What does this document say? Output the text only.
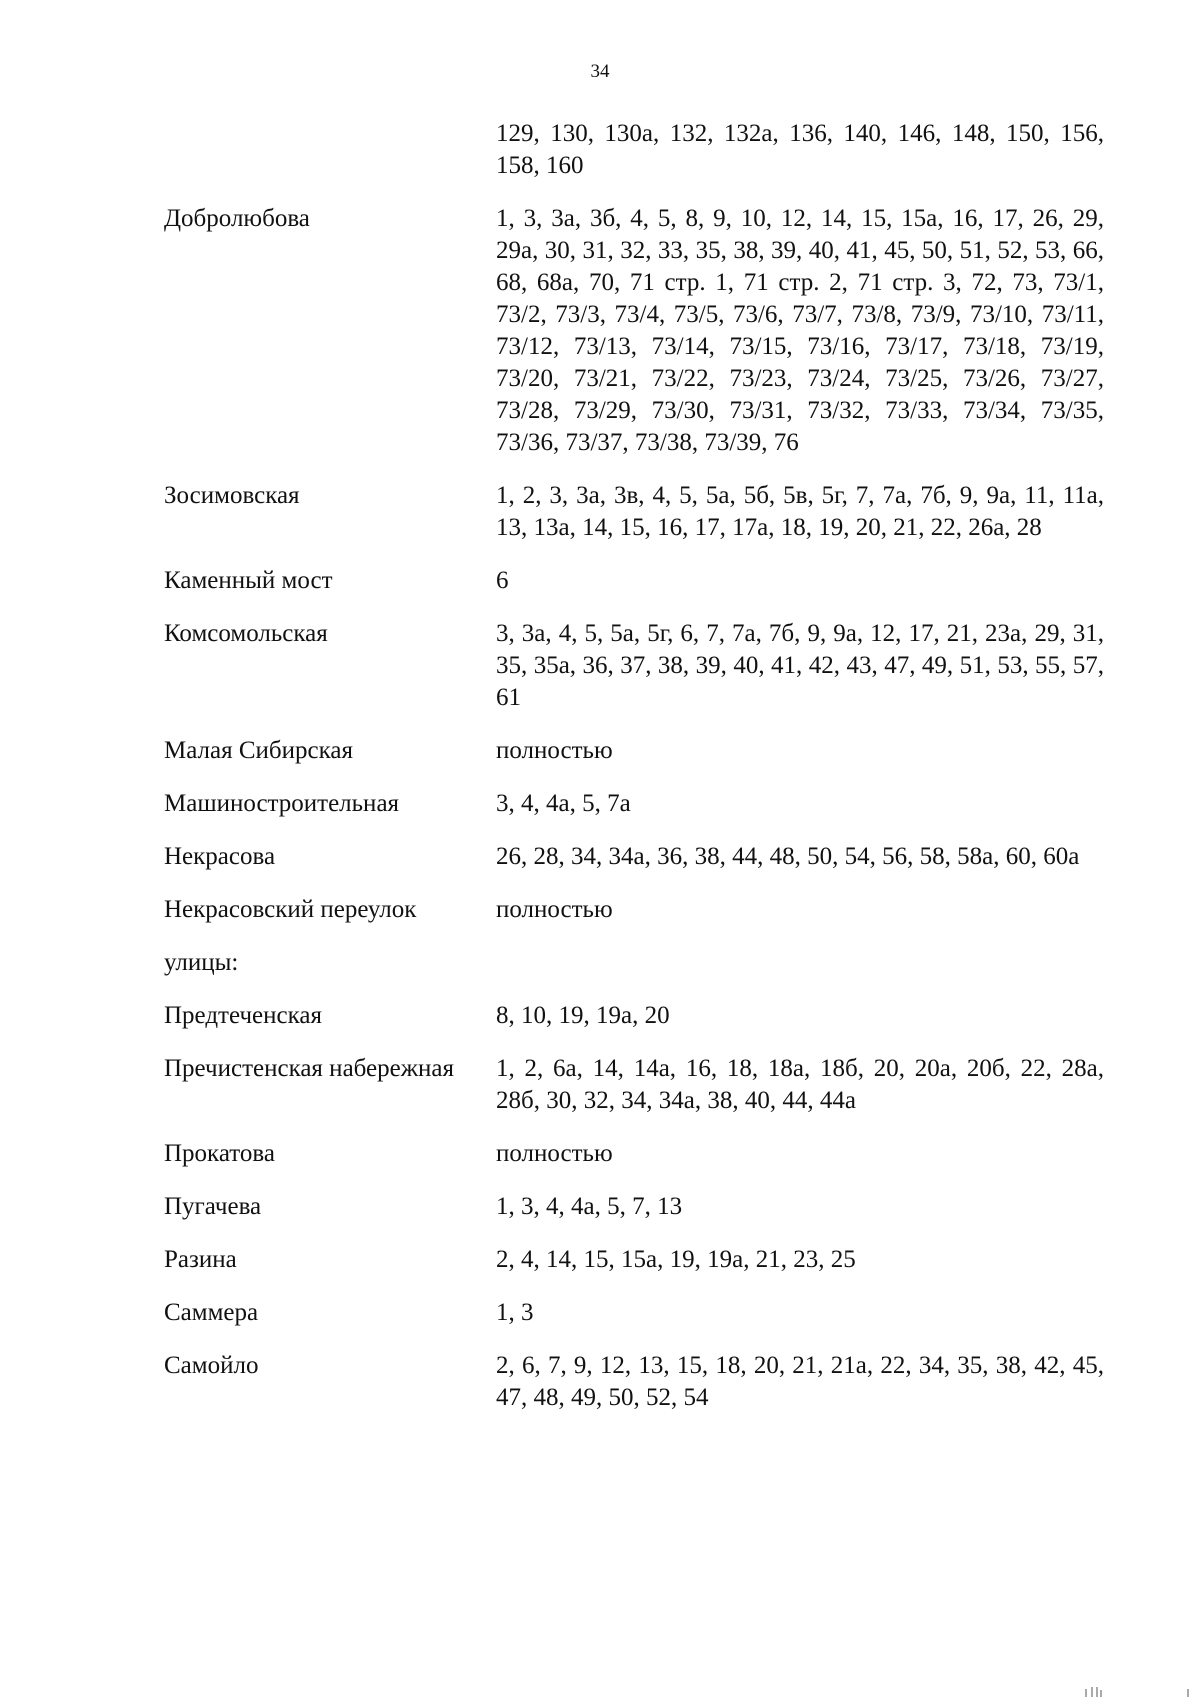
34
129, 130, 130а, 132, 132а, 136, 140, 146, 148, 150, 156, 158, 160
Добролюбова	1, 3, 3а, 3б, 4, 5, 8, 9, 10, 12, 14, 15, 15а, 16, 17, 26, 29, 29а, 30, 31, 32, 33, 35, 38, 39, 40, 41, 45, 50, 51, 52, 53, 66, 68, 68а, 70, 71 стр. 1, 71 стр. 2, 71 стр. 3, 72, 73, 73/1, 73/2, 73/3, 73/4, 73/5, 73/6, 73/7, 73/8, 73/9, 73/10, 73/11, 73/12, 73/13, 73/14, 73/15, 73/16, 73/17, 73/18, 73/19, 73/20, 73/21, 73/22, 73/23, 73/24, 73/25, 73/26, 73/27, 73/28, 73/29, 73/30, 73/31, 73/32, 73/33, 73/34, 73/35, 73/36, 73/37, 73/38, 73/39, 76
Зосимовская	1, 2, 3, 3а, 3в, 4, 5, 5а, 5б, 5в, 5г, 7, 7а, 7б, 9, 9а, 11, 11а, 13, 13а, 14, 15, 16, 17, 17а, 18, 19, 20, 21, 22, 26а, 28
Каменный мост	6
Комсомольская	3, 3а, 4, 5, 5а, 5г, 6, 7, 7а, 7б, 9, 9а, 12, 17, 21, 23а, 29, 31, 35, 35а, 36, 37, 38, 39, 40, 41, 42, 43, 47, 49, 51, 53, 55, 57, 61
Малая Сибирская	полностью
Машиностроительная	3, 4, 4а, 5, 7а
Некрасова	26, 28, 34, 34а, 36, 38, 44, 48, 50, 54, 56, 58, 58а, 60, 60а
Некрасовский переулок	полностью
улицы:
Предтеченская	8, 10, 19, 19а, 20
Пречистенская набережная	1, 2, 6а, 14, 14а, 16, 18, 18а, 18б, 20, 20а, 20б, 22, 28а, 28б, 30, 32, 34, 34а, 38, 40, 44, 44а
Прокатова	полностью
Пугачева	1, 3, 4, 4а, 5, 7, 13
Разина	2, 4, 14, 15, 15а, 19, 19а, 21, 23, 25
Саммера	1, 3
Самойло	2, 6, 7, 9, 12, 13, 15, 18, 20, 21, 21а, 22, 34, 35, 38, 42, 45, 47, 48, 49, 50, 52, 54
